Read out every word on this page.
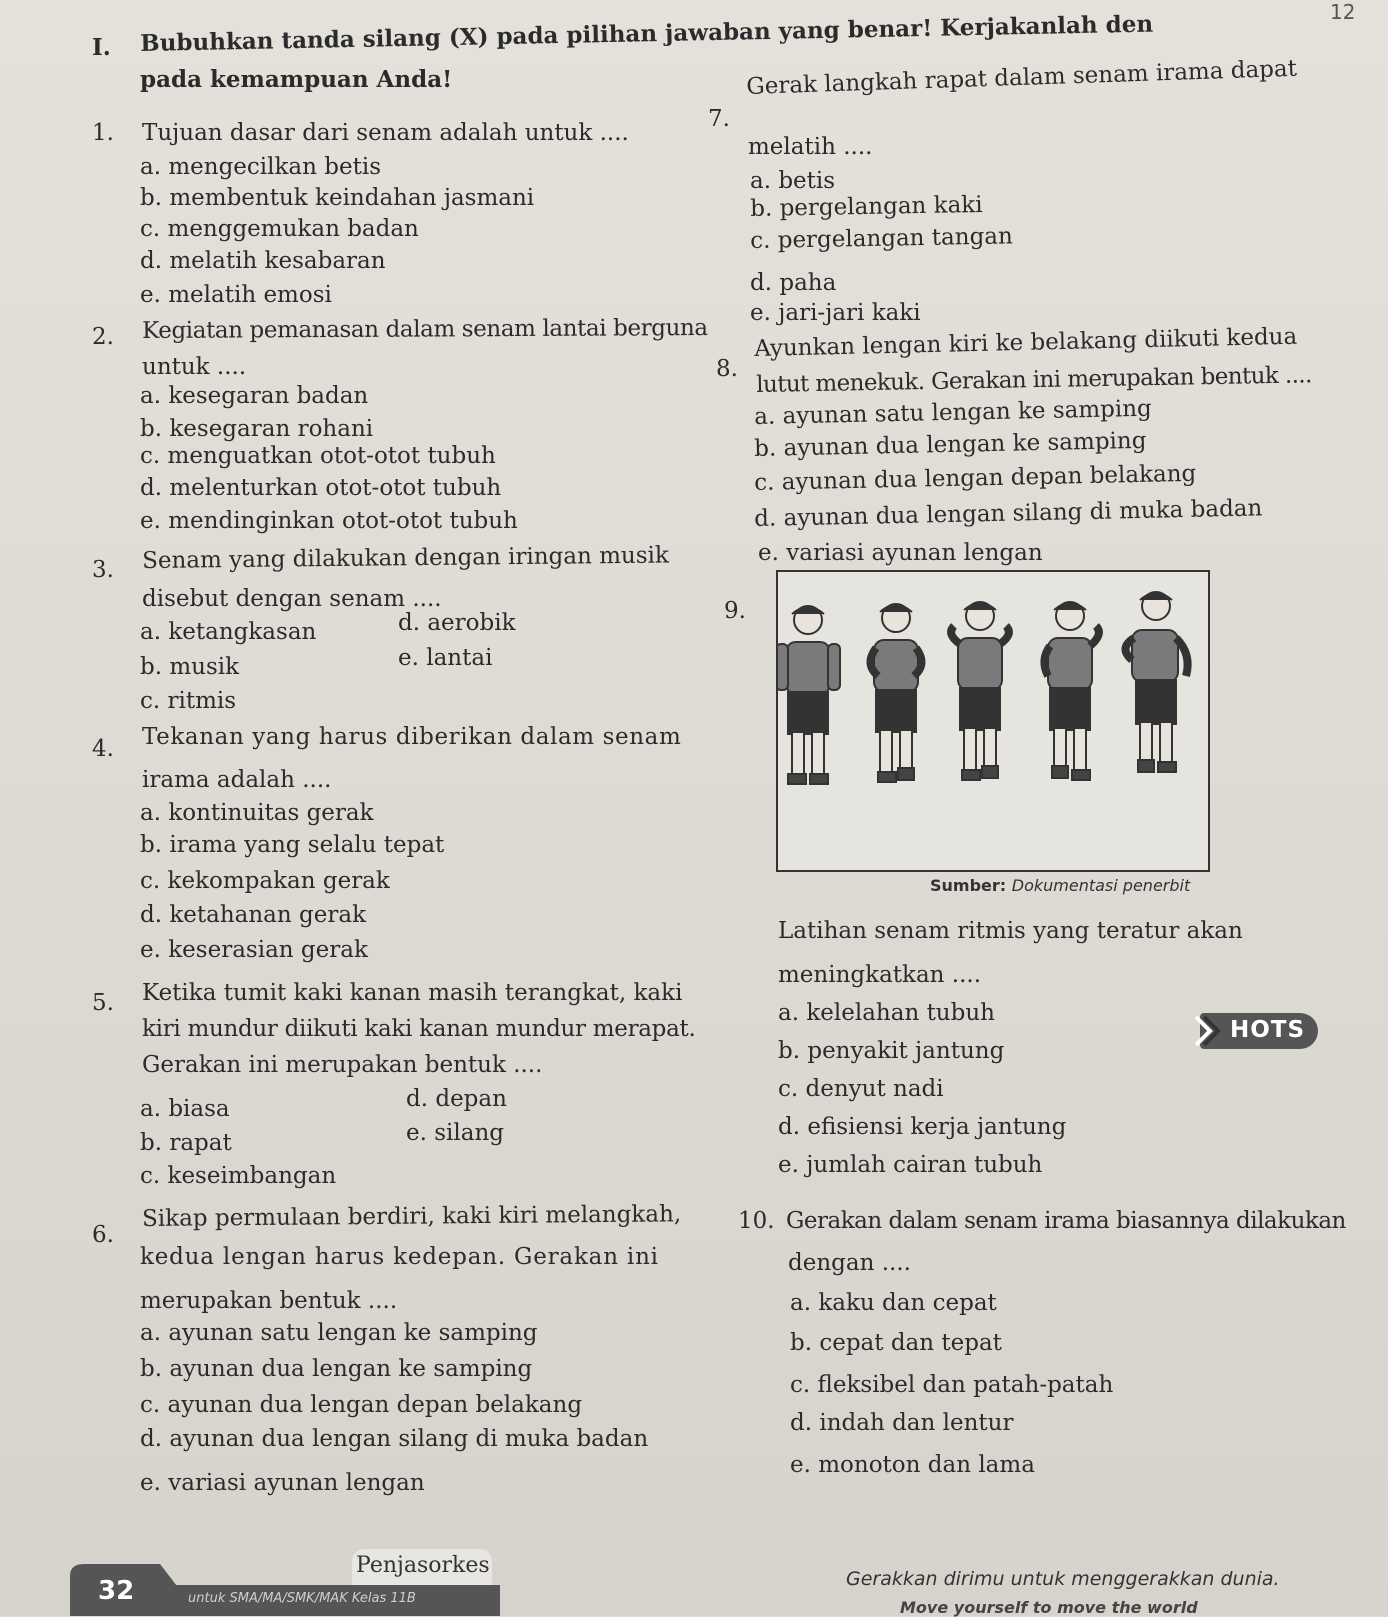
12
I. Bubuhkan tanda silang (X) pada pilihan jawaban yang benar! Kerjakanlah den
pada kemampuan Anda!
1. Tujuan dasar dari senam adalah untuk ....
a. mengecilkan betis
b. membentuk keindahan jasmani
c. menggemukan badan
d. melatih kesabaran
e. melatih emosi
2. Kegiatan pemanasan dalam senam lantai berguna
untuk ....
a. kesegaran badan
b. kesegaran rohani
c. menguatkan otot-otot tubuh
d. melenturkan otot-otot tubuh
e. mendinginkan otot-otot tubuh
3. Senam yang dilakukan dengan iringan musik
disebut dengan senam ....
a. ketangkasan
b. musik
c. ritmis
d. aerobik
e. lantai
4. Tekanan yang harus diberikan dalam senam
irama adalah ....
a. kontinuitas gerak
b. irama yang selalu tepat
c. kekompakan gerak
d. ketahanan gerak
e. keserasian gerak
5. Ketika tumit kaki kanan masih terangkat, kaki
kiri mundur diikuti kaki kanan mundur merapat.
Gerakan ini merupakan bentuk ....
a. biasa
b. rapat
c. keseimbangan
d. depan
e. silang
6.
Sikap permulaan berdiri, kaki kiri melangkah,
kedua lengan harus kedepan. Gerakan ini
merupakan bentuk ....
a. ayunan satu lengan ke samping
b. ayunan dua lengan ke samping
c. ayunan dua lengan depan belakang
d. ayunan dua lengan silang di muka badan
e. variasi ayunan lengan
7.
Gerak langkah rapat dalam senam irama dapat
melatih ....
a. betis
b. pergelangan kaki
c. pergelangan tangan
d. paha
e. jari-jari kaki
8.
Ayunkan lengan kiri ke belakang diikuti kedua
lutut menekuk. Gerakan ini merupakan bentuk ....
a. ayunan satu lengan ke samping
b. ayunan dua lengan ke samping
c. ayunan dua lengan depan belakang
d. ayunan dua lengan silang di muka badan
e. variasi ayunan lengan
9.
Sumber: Dokumentasi penerbit
Latihan senam ritmis yang teratur akan
meningkatkan ....
a. kelelahan tubuh
b. penyakit jantung
c. denyut nadi
d. efisiensi kerja jantung
e. jumlah cairan tubuh
HOTS
10. Gerakan dalam senam irama biasannya dilakukan
dengan ....
a. kaku dan cepat
b. cepat dan tepat
c. fleksibel dan patah-patah
d. indah dan lentur
e. monoton dan lama
untuk SMA/MA/SMK/MAK Kelas 11B
32
Penjasorkes
Gerakkan dirimu untuk menggerakkan dunia.
Move yourself to move the world
